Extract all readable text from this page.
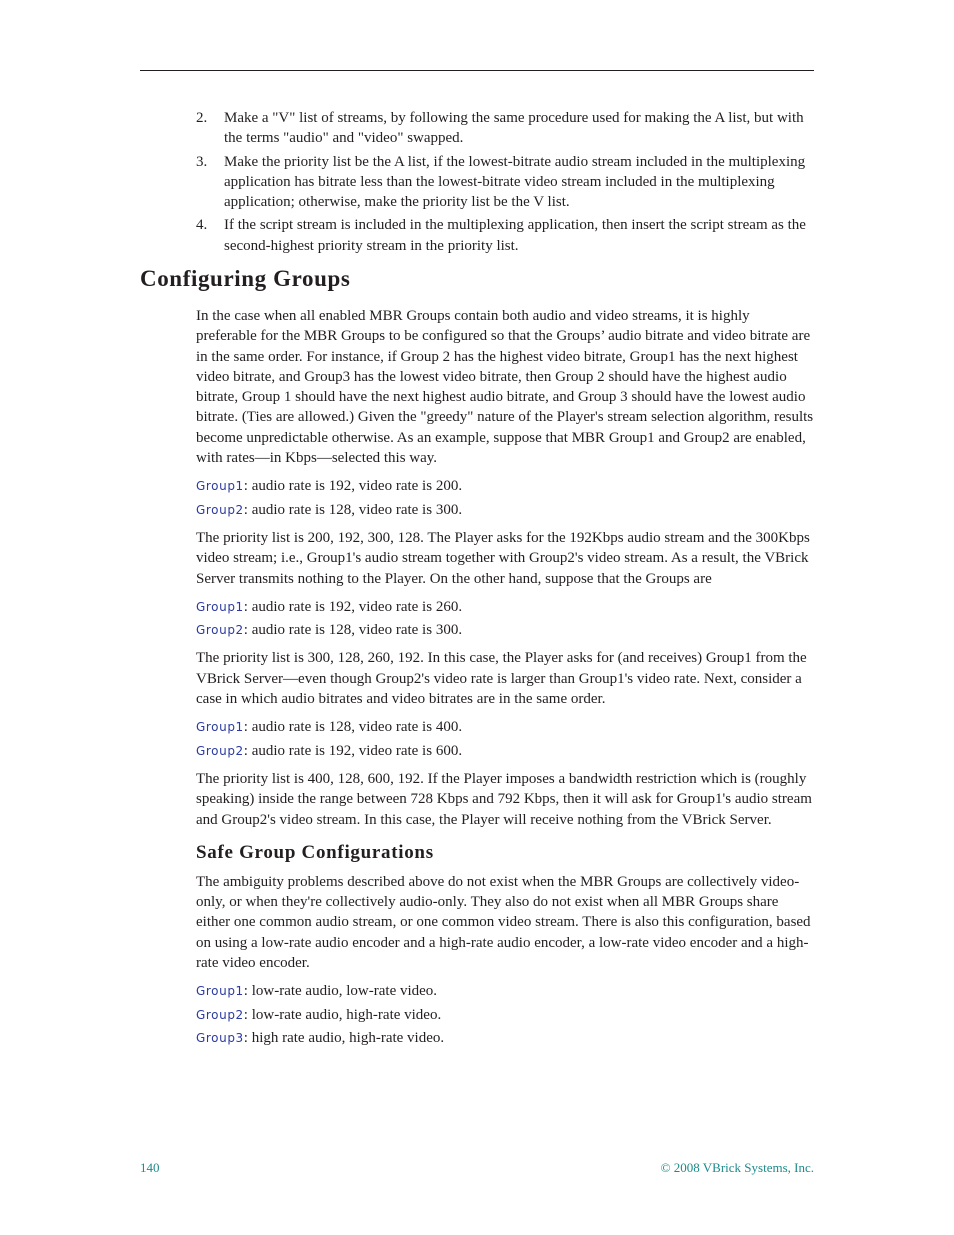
2. Make a "V" list of streams, by following the same procedure used for making the A list, but with the terms "audio" and "video" swapped.
3. Make the priority list be the A list, if the lowest-bitrate audio stream included in the multiplexing application has bitrate less than the lowest-bitrate video stream included in the multiplexing application; otherwise, make the priority list be the V list.
4. If the script stream is included in the multiplexing application, then insert the script stream as the second-highest priority stream in the priority list.
Configuring Groups

In the case when all enabled MBR Groups contain both audio and video streams, it is highly preferable for the MBR Groups to be configured so that the Groups’ audio bitrate and video bitrate are in the same order. For instance, if Group 2 has the highest video bitrate, Group1 has the next highest video bitrate, and Group3 has the lowest video bitrate, then Group 2 should have the highest audio bitrate, Group 1 should have the next highest audio bitrate, and Group 3 should have the lowest audio bitrate. (Ties are allowed.) Given the "greedy" nature of the Player's stream selection algorithm, results become unpredictable otherwise. As an example, suppose that MBR Group1 and Group2 are enabled, with rates—in Kbps—selected this way.

Group1: audio rate is 192, video rate is 200.

Group2: audio rate is 128, video rate is 300.

The priority list is 200, 192, 300, 128. The Player asks for the 192Kbps audio stream and the 300Kbps video stream; i.e., Group1's audio stream together with Group2's video stream. As a result, the VBrick Server transmits nothing to the Player. On the other hand, suppose that the Groups are

Group1: audio rate is 192, video rate is 260.

Group2: audio rate is 128, video rate is 300.

The priority list is 300, 128, 260, 192. In this case, the Player asks for (and receives) Group1 from the VBrick Server—even though Group2's video rate is larger than Group1's video rate. Next, consider a case in which audio bitrates and video bitrates are in the same order.

Group1: audio rate is 128, video rate is 400.

Group2: audio rate is 192, video rate is 600.

The priority list is 400, 128, 600, 192. If the Player imposes a bandwidth restriction which is (roughly speaking) inside the range between 728 Kbps and 792 Kbps, then it will ask for Group1's audio stream and Group2's video stream. In this case, the Player will receive nothing from the VBrick Server.

Safe Group Configurations

The ambiguity problems described above do not exist when the MBR Groups are collectively video-only, or when they're collectively audio-only. They also do not exist when all MBR Groups share either one common audio stream, or one common video stream. There is also this configuration, based on using a low-rate audio encoder and a high-rate audio encoder, a low-rate video encoder and a high-rate video encoder.

Group1: low-rate audio, low-rate video.

Group2: low-rate audio, high-rate video.

Group3: high rate audio, high-rate video.

140	© 2008 VBrick Systems, Inc.
